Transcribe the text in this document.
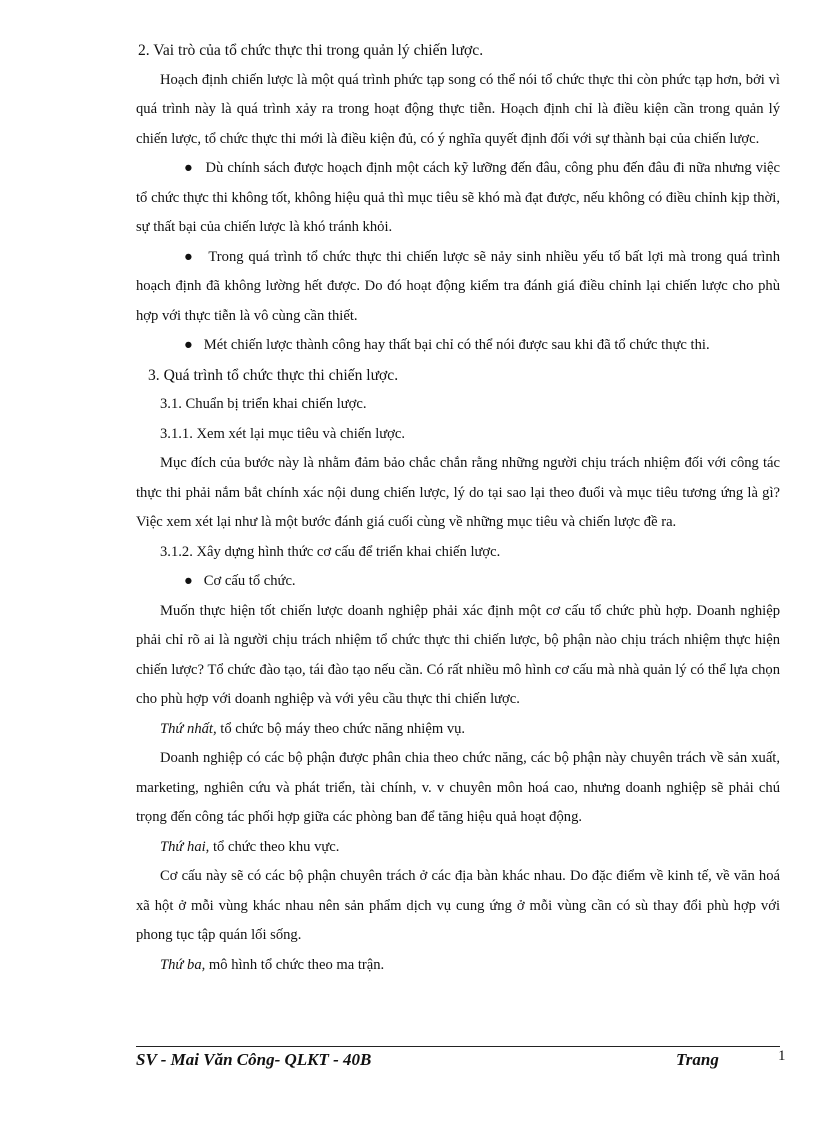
2. Vai trò của tổ chức thực thi trong quản lý chiến lược.

Hoạch định chiến lược là một quá trình phức tạp song có thể nói tổ chức thực thi còn phức tạp hơn, bởi vì quá trình này là quá trình xảy ra trong hoạt động thực tiễn. Hoạch định chỉ là điều kiện cần trong quản lý chiến lược, tổ chức thực thi mới là điều kiện đủ, có ý nghĩa quyết định đối với sự thành bại của chiến lược.

●   Dù chính sách được hoạch định một cách kỹ lưỡng đến đâu, công phu đến đâu đi nữa nhưng việc tổ chức thực thi không tốt, không hiệu quả thì mục tiêu sẽ khó mà đạt được, nếu không có điều chỉnh kịp thời, sự thất bại của chiến lược là khó tránh khỏi.

●   Trong quá trình tổ chức thực thi chiến lược sẽ nảy sinh nhiều yếu tố bất lợi mà trong quá trình hoạch định đã không lường hết được. Do đó hoạt động kiểm tra đánh giá điều chỉnh lại chiến lược cho phù hợp với thực tiễn là vô cùng cần thiết.

●   Mét chiến lược thành công hay thất bại chỉ có thể nói được sau khi đã tổ chức thực thi.

3. Quá trình tổ chức thực thi chiến lược.

3.1. Chuẩn bị triển khai chiến lược.

3.1.1. Xem xét lại mục tiêu và chiến lược.

Mục đích của bước này là nhằm đảm bảo chắc chắn rằng những người chịu trách nhiệm đối với công tác thực thi phải nắm bắt chính xác nội dung chiến lược, lý do tại sao lại theo đuổi và mục tiêu tương ứng là gì? Việc xem xét lại như là một bước đánh giá cuối cùng về những mục tiêu và chiến lược đề ra.

3.1.2. Xây dựng hình thức cơ cấu để triển khai chiến lược.

●   Cơ cấu tổ chức.

Muốn thực hiện tốt chiến lược doanh nghiệp phải xác định một cơ cấu tổ chức phù hợp. Doanh nghiệp phải chỉ rõ ai là người chịu trách nhiệm tổ chức thực thi chiến lược, bộ phận nào chịu trách nhiệm thực hiện chiến lược? Tổ chức đào tạo, tái đào tạo nếu cần. Có rất nhiều mô hình cơ cấu mà nhà quản lý có thể lựa chọn cho phù hợp với doanh nghiệp và với yêu cầu thực thi chiến lược.

Thứ nhất, tổ chức bộ máy theo chức năng nhiệm vụ.

Doanh nghiệp có các bộ phận được phân chia theo chức năng, các bộ phận này chuyên trách về sản xuất, marketing, nghiên cứu và phát triển, tài chính, v. v chuyên môn hoá cao, nhưng doanh nghiệp sẽ phải chú trọng đến công tác phối hợp giữa các phòng ban để tăng hiệu quả hoạt động.

Thứ hai, tổ chức theo khu vực.

Cơ cấu này sẽ có các bộ phận chuyên trách ở các địa bàn khác nhau. Do đặc điểm về kinh tế, về văn hoá xã hột ở mỗi vùng khác nhau nên sản phẩm dịch vụ cung ứng ở mỗi vùng cần có sù thay đổi phù hợp với phong tục tập quán lối sống.

Thứ ba, mô hình tổ chức theo ma trận.

SV - Mai Văn Công- QLKT - 40B	Trang	1
